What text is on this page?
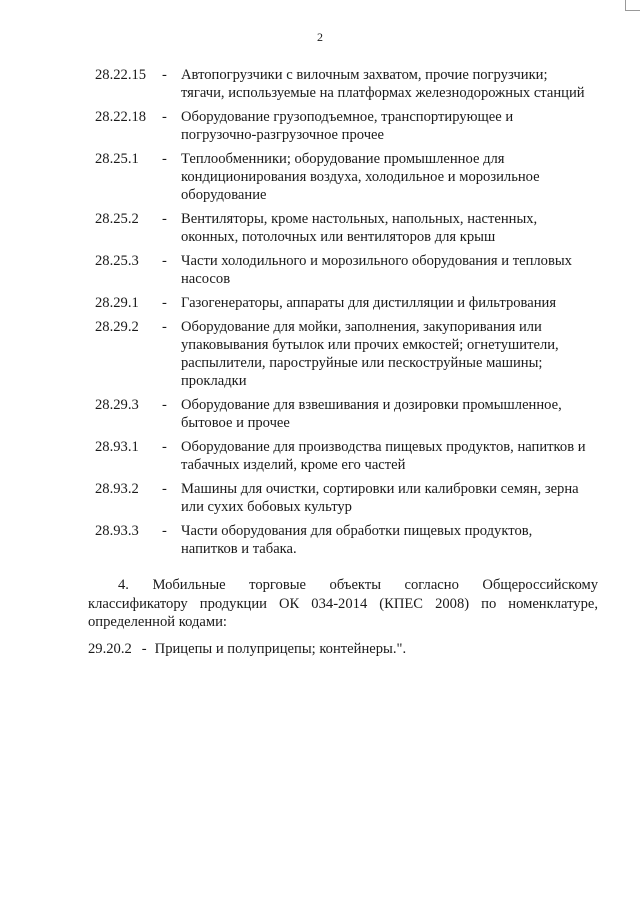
2
28.22.15 - Автопогрузчики с вилочным захватом, прочие погрузчики; тягачи, используемые на платформах железнодорожных станций
28.22.18 - Оборудование грузоподъемное, транспортирующее и погрузочно-разгрузочное прочее
28.25.1 - Теплообменники; оборудование промышленное для кондиционирования воздуха, холодильное и морозильное оборудование
28.25.2 - Вентиляторы, кроме настольных, напольных, настенных, оконных, потолочных или вентиляторов для крыш
28.25.3 - Части холодильного и морозильного оборудования и тепловых насосов
28.29.1 - Газогенераторы, аппараты для дистилляции и фильтрования
28.29.2 - Оборудование для мойки, заполнения, закупоривания или упаковывания бутылок или прочих емкостей; огнетушители, распылители, пароструйные или пескоструйные машины; прокладки
28.29.3 - Оборудование для взвешивания и дозировки промышленное, бытовое и прочее
28.93.1 - Оборудование для производства пищевых продуктов, напитков и табачных изделий, кроме его частей
28.93.2 - Машины для очистки, сортировки или калибровки семян, зерна или сухих бобовых культур
28.93.3 - Части оборудования для обработки пищевых продуктов, напитков и табака.
4. Мобильные торговые объекты согласно Общероссийскому классификатору продукции ОК 034-2014 (КПЕС 2008) по номенклатуре, определенной кодами:
29.20.2 - Прицепы и полуприцепы; контейнеры.".
